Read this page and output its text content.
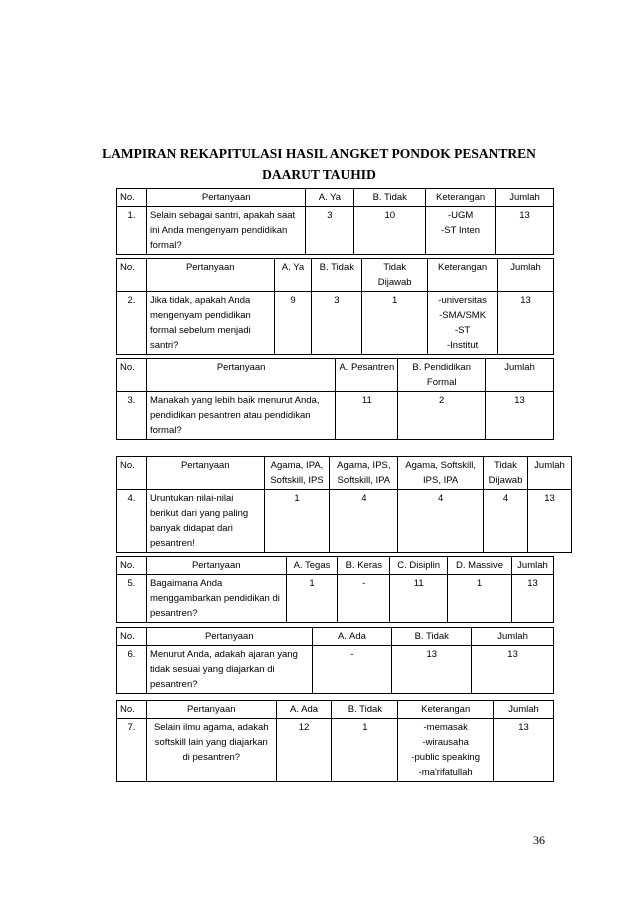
LAMPIRAN REKAPITULASI HASIL ANGKET PONDOK PESANTREN
DAARUT TAUHID
No.	Pertanyaan	A. Ya	B. Tidak	Keterangan	Jumlah
1.	Selain sebagai santri, apakah saat ini Anda mengenyam pendidikan formal?	3	10	-UGM
-ST Inten	13
No.	Pertanyaan	A. Ya	B. Tidak	Tidak Dijawab	Keterangan	Jumlah
2.	Jika tidak, apakah Anda mengenyam pendidikan formal sebelum menjadi santri?	9	3	1	-universitas
-SMA/SMK
-ST
-Institut	13
No.	Pertanyaan	A. Pesantren	B. Pendidikan Formal	Jumlah
3.	Manakah yang lebih baik menurut Anda, pendidikan pesantren atau pendidikan formal?	11	2	13
No.	Pertanyaan	Agama, IPA, Softskill, IPS	Agama, IPS, Softskill, IPA	Agama, Softskill, IPS, IPA	Tidak Dijawab	Jumlah
4.	Uruntukan nilai-nilai berikut dari yang paling banyak didapat dari pesantren!	1	4	4	4	13
No.	Pertanyaan	A. Tegas	B. Keras	C. Disiplin	D. Massive	Jumlah
5.	Bagaimana Anda menggambarkan pendidikan di pesantren?	1	-	11	1	13
No.	Pertanyaan	A. Ada	B. Tidak	Jumlah
6.	Menurut Anda, adakah ajaran yang tidak sesuai yang diajarkan di pesantren?	-	13	13
No.	Pertanyaan	A. Ada	B. Tidak	Keterangan	Jumlah
7.	Selain ilmu agama, adakah softskill lain yang diajarkan di pesantren?	12	1	-memasak
-wirausaha
-public speaking
-ma'rifatullah	13
36
